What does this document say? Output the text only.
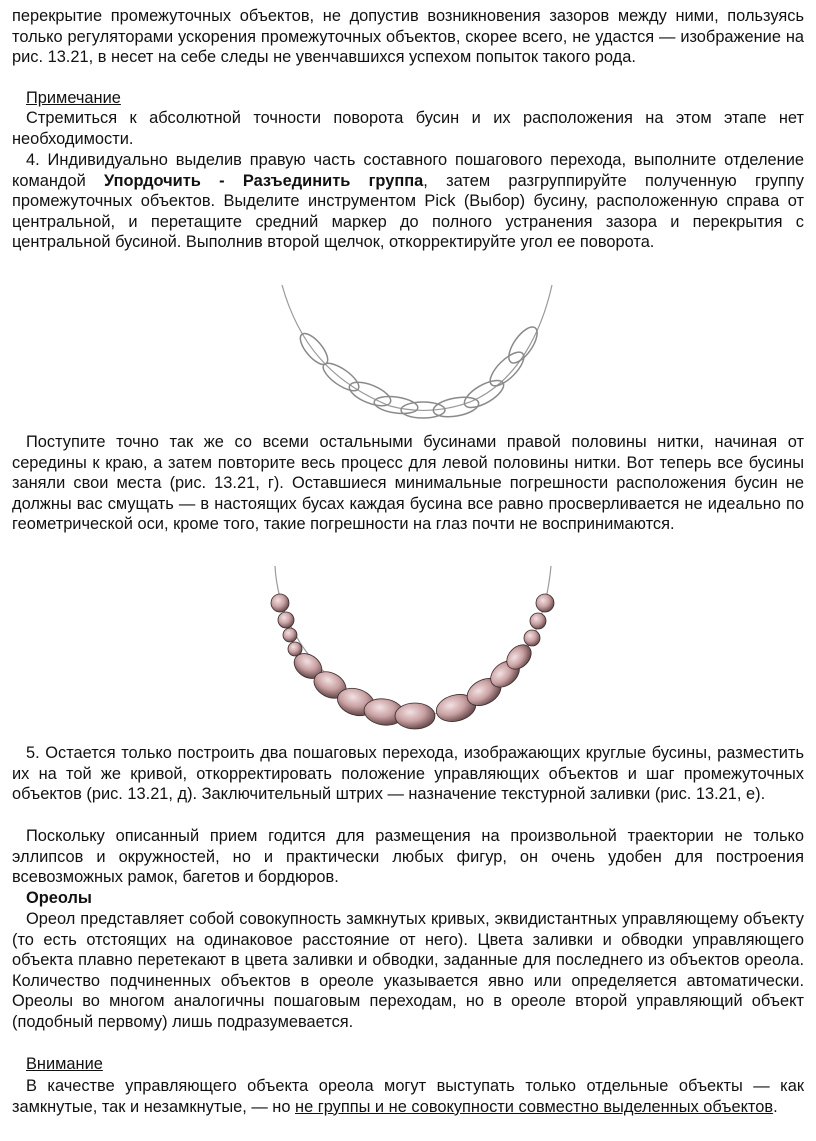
перекрытие промежуточных объектов, не допустив возникновения зазоров между ними, пользуясь только регуляторами ускорения промежуточных объектов, скорее всего, не удастся — изображение на рис. 13.21, в несет на себе следы не увенчавшихся успехом попыток такого рода.

Примечание

Стремиться к абсолютной точности поворота бусин и их расположения на этом этапе нет необходимости.

4. Индивидуально выделив правую часть составного пошагового перехода, выполните отделение командой Упордочить - Разъединить группа, затем разгруппируйте полученную группу промежуточных объектов. Выделите инструментом Pick (Выбор) бусину, расположенную справа от центральной, и перетащите средний маркер до полного устранения зазора и перекрытия с центральной бусиной. Выполнив второй щелчок, откорректируйте угол ее поворота.

Поступите точно так же со всеми остальными бусинами правой половины нитки, начиная от середины к краю, а затем повторите весь процесс для левой половины нитки. Вот теперь все бусины заняли свои места (рис. 13.21, г). Оставшиеся минимальные погрешности расположения бусин не должны вас смущать — в настоящих бусах каждая бусина все равно просверливается не идеально по геометрической оси, кроме того, такие погрешности на глаз почти не воспринимаются.

5. Остается только построить два пошаговых перехода, изображающих круглые бусины, разместить их на той же кривой, откорректировать положение управляющих объектов и шаг промежуточных объектов (рис. 13.21, д). Заключительный штрих — назначение текстурной заливки (рис. 13.21, е).

Поскольку описанный прием годится для размещения на произвольной траектории не только эллипсов и окружностей, но и практически любых фигур, он очень удобен для построения всевозможных рамок, багетов и бордюров.

Ореолы

Ореол представляет собой совокупность замкнутых кривых, эквидистантных управляющему объекту (то есть отстоящих на одинаковое расстояние от него). Цвета заливки и обводки управляющего объекта плавно перетекают в цвета заливки и обводки, заданные для последнего из объектов ореола. Количество подчиненных объектов в ореоле указывается явно или определяется автоматически. Ореолы во многом аналогичны пошаговым переходам, но в ореоле второй управляющий объект (подобный первому) лишь подразумевается.

Внимание

В качестве управляющего объекта ореола могут выступать только отдельные объекты — как замкнутые, так и незамкнутые, — но не группы и не совокупности совместно выделенных объектов.
